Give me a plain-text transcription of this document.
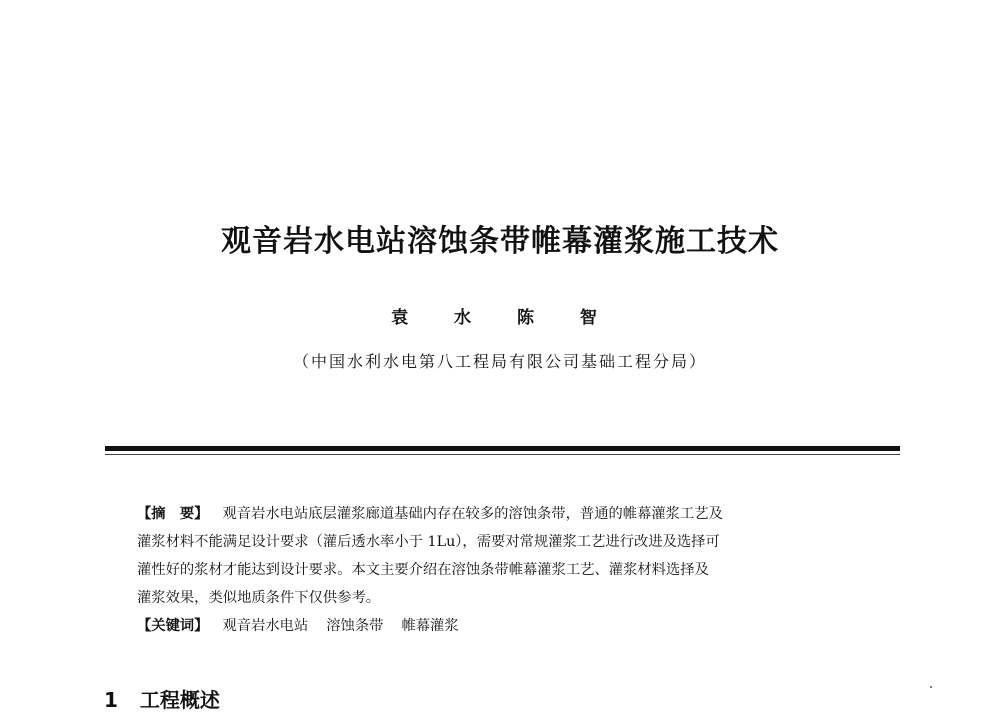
观音岩水电站溶蚀条带帷幕灌浆施工技术
袁 水 陈 智
（中国水利水电第八工程局有限公司基础工程分局）
【摘　要】 观音岩水电站底层灌浆廊道基础内存在较多的溶蚀条带，普通的帷幕灌浆工艺及
灌浆材料不能满足设计要求（灌后透水率小于 1Lu），需要对常规灌浆工艺进行改进及选择可
灌性好的浆材才能达到设计要求。本文主要介绍在溶蚀条带帷幕灌浆工艺、灌浆材料选择及
灌浆效果，类似地质条件下仅供参考。
【关键词】 观音岩水电站 溶蚀条带 帷幕灌浆
1 工程概述
